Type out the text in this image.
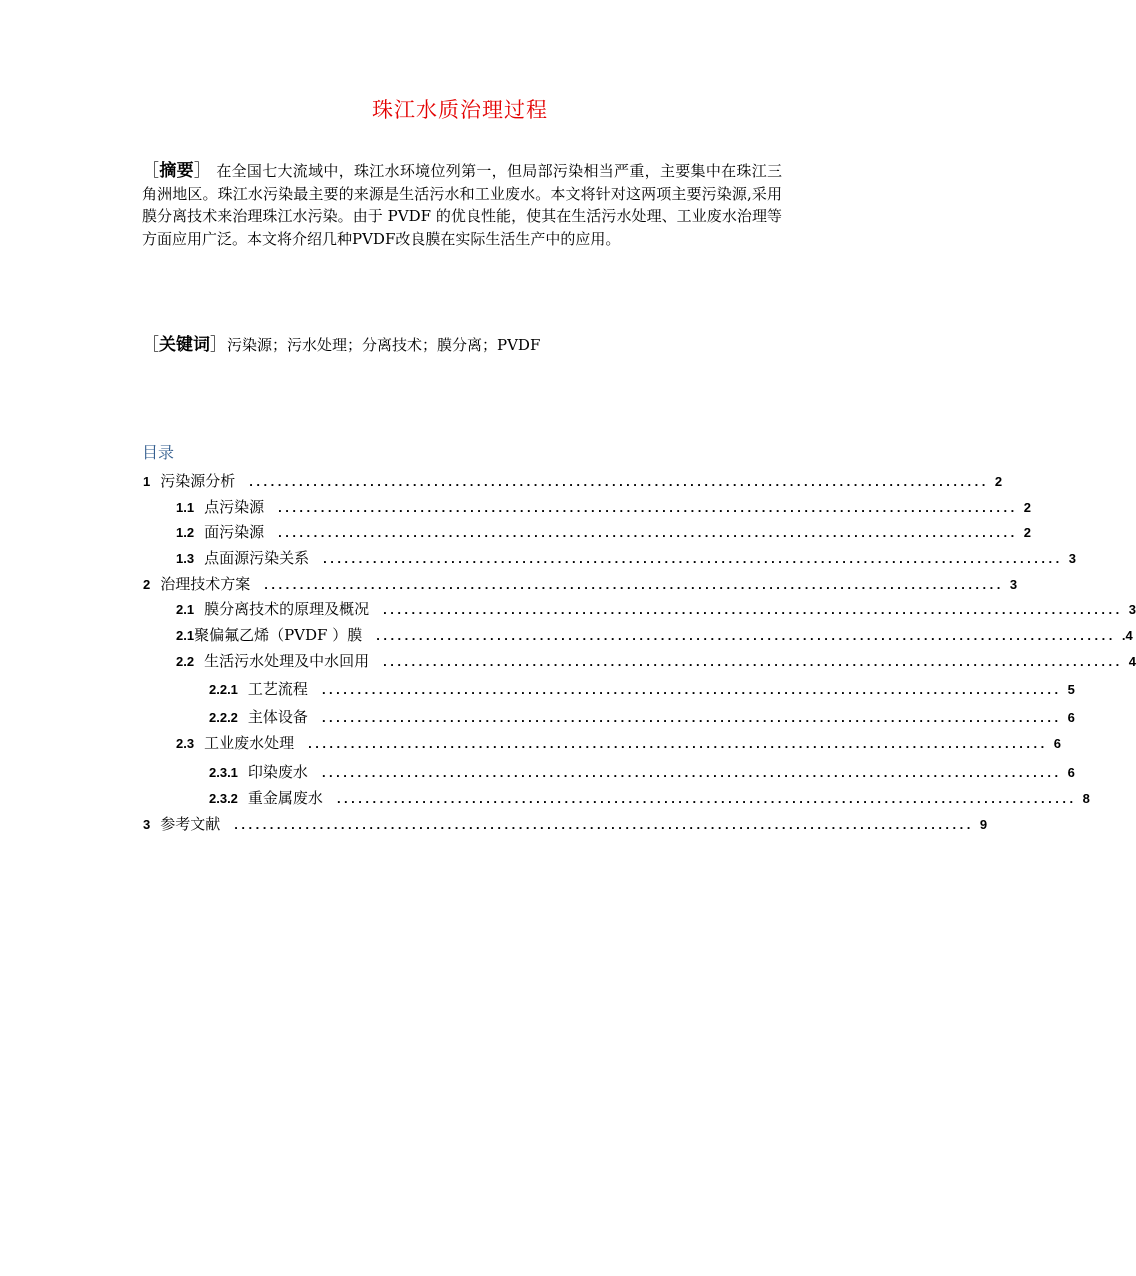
珠江水质治理过程
［摘要］ 在全国七大流域中，珠江水环境位列第一，但局部污染相当严重，主要集中在珠江三角洲地区。珠江水污染最主要的来源是生活污水和工业废水。本文将针对这两项主要污染源,采用膜分离技术来治理珠江水污染。由于 PVDF 的优良性能，使其在生活污水处理、工业废水治理等方面应用广泛。本文将介绍几种PVDF改良膜在实际生活生产中的应用。
［关键词］污染源；污水处理；分离技术；膜分离；PVDF
目录
1 污染源分析 ........................................................................................................ 2
1.1 点污染源 ........................................................................................................ 2
1.2 面污染源 ........................................................................................................ 2
1.3 点面源污染关系 ........................................................................................................ 3
2 治理技术方案 ........................................................................................................ 3
2.1 膜分离技术的原理及概况 ........................................................................................................ 3
2.1 聚偏氟乙烯（PVDF ）膜 ........................................................................................................ .4
2.2 生活污水处理及中水回用 ........................................................................................................ 4
2.2.1 工艺流程 ........................................................................................................ 5
2.2.2 主体设备 ........................................................................................................ 6
2.3 工业废水处理 ........................................................................................................ 6
2.3.1 印染废水 ........................................................................................................ 6
2.3.2 重金属废水 ........................................................................................................ 8
3 参考文献 ........................................................................................................ 9
